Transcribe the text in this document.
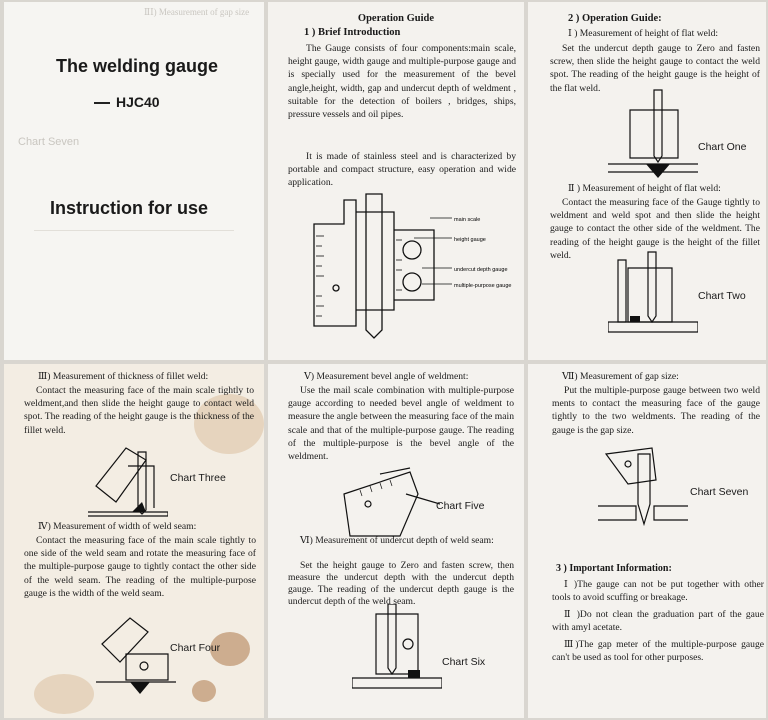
ⅡⅠ) Measurement of gap size
The welding gauge
HJC40
Chart Seven
Instruction for use
Operation Guide
1 ) Brief Introduction
The Gauge consists of four components:main scale, height gauge, width gauge and multiple-purpose gauge and is specially used for the measurement of the bevel angle,height, width, gap and undercut depth of weldment , suitable for the detection of boilers , bridges, ships, pressure vessels and oil pipes.
It is made of stainless steel and is characterized by portable and compact structure, easy operation and wide application.
main scale
height gauge
undercut depth gauge
multiple-purpose gauge
2 ) Operation Guide:
Ⅰ ) Measurement of height of flat weld:
Set the undercut depth gauge to Zero and fasten screw, then slide the height gauge to contact the weld spot. The reading of the height gauge is the height of the flat weld.
Chart One
Ⅱ ) Measurement of height of flat weld:
Contact the measuring face of the Gauge tightly to weldment and weld spot and then slide the height gauge to contact the other side of the weldment. The reading of the height gauge is the height of the fillet weld.
Chart Two
Ⅲ) Measurement of thickness of fillet weld:
Contact the measuring face of the main scale tightly to weldment,and then slide the height gauge to contact weld spot. The reading of the height gauge is the thickness of the fillet weld.
Chart Three
Ⅳ) Measurement of width of weld seam:
Contact the measuring face of the main scale tightly to one side of the weld seam and rotate the measuring face of the multiple-purpose gauge to tightly contact the other side of the weld seam. The reading of the multiple-purpose gauge is the width of the weld seam.
Chart Four
Ⅴ) Measurement bevel angle of weldment:
Use the mail scale combination with multiple-purpose gauge according to needed bevel angle of weldment to measure the angle between the measuring face of the main scale and that of the multiple-purpose gauge. The reading of the multiple-purpose is the bevel angle of the weldment.
Chart Five
Ⅵ) Measurement of undercut depth of weld seam:
Set the height gauge to Zero and fasten screw, then measure the undercut depth with the undercut depth gauge. The reading of the undercut depth gauge is the undercut depth of the weld seam.
Chart Six
Ⅶ) Measurement of gap size:
Put the multiple-purpose gauge between two weld ments to contact the measuring face of the gauge tightly to the two weldments. The reading of the gauge is the gap size.
Chart Seven
3 ) Important Information:
Ⅰ )The gauge can not be put together with other tools to avoid scuffing or breakage.
Ⅱ )Do not clean the graduation part of the gaue with amyl acetate.
Ⅲ)The gap meter of the multiple-purpose gauge can't be used as tool for other purposes.
